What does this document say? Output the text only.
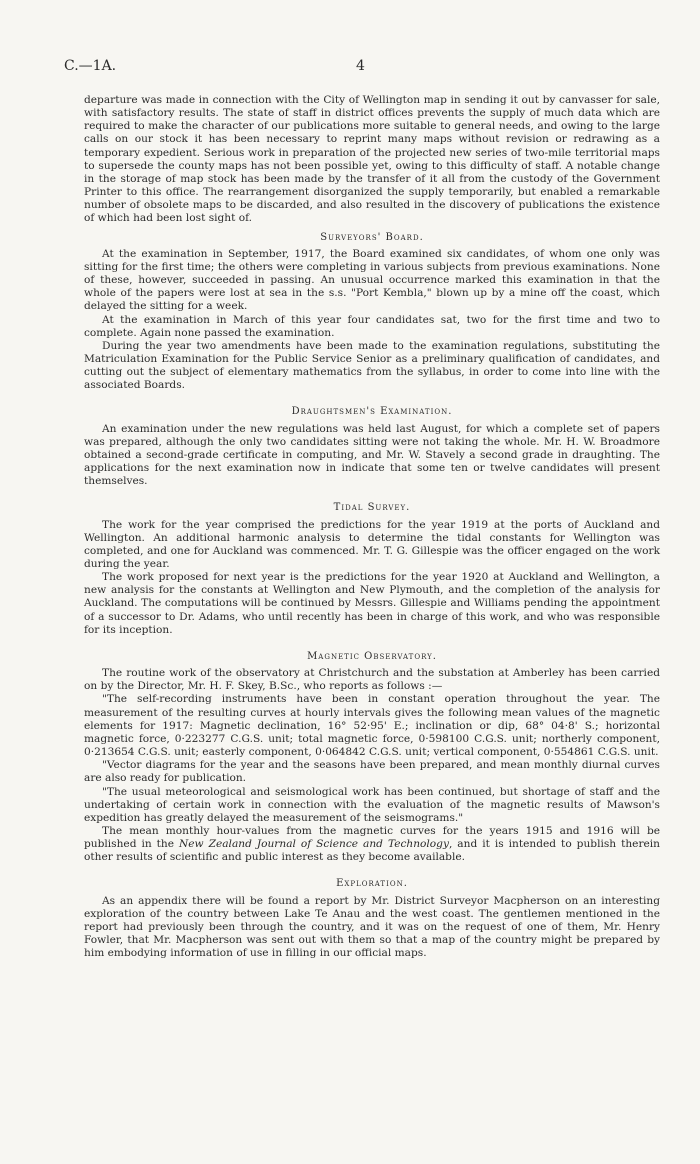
C.—1A.	4

departure was made in connection with the City of Wellington map in sending it out by canvasser for sale, with satisfactory results. The state of staff in district offices prevents the supply of much data which are required to make the character of our publications more suitable to general needs, and owing to the large calls on our stock it has been necessary to reprint many maps without revision or redrawing as a temporary expedient. Serious work in preparation of the projected new series of two-mile territorial maps to supersede the county maps has not been possible yet, owing to this difficulty of staff. A notable change in the storage of map stock has been made by the transfer of it all from the custody of the Government Printer to this office. The rearrangement disorganized the supply temporarily, but enabled a remarkable number of obsolete maps to be discarded, and also resulted in the discovery of publications the existence of which had been lost sight of.

Surveyors' Board.

At the examination in September, 1917, the Board examined six candidates, of whom one only was sitting for the first time; the others were completing in various subjects from previous examinations. None of these, however, succeeded in passing. An unusual occurrence marked this examination in that the whole of the papers were lost at sea in the s.s. "Port Kembla," blown up by a mine off the coast, which delayed the sitting for a week.

At the examination in March of this year four candidates sat, two for the first time and two to complete. Again none passed the examination.

During the year two amendments have been made to the examination regulations, substituting the Matriculation Examination for the Public Service Senior as a preliminary qualification of candidates, and cutting out the subject of elementary mathematics from the syllabus, in order to come into line with the associated Boards.

Draughtsmen's Examination.

An examination under the new regulations was held last August, for which a complete set of papers was prepared, although the only two candidates sitting were not taking the whole. Mr. H. W. Broadmore obtained a second-grade certificate in computing, and Mr. W. Stavely a second grade in draughting. The applications for the next examination now in indicate that some ten or twelve candidates will present themselves.

Tidal Survey.

The work for the year comprised the predictions for the year 1919 at the ports of Auckland and Wellington. An additional harmonic analysis to determine the tidal constants for Wellington was completed, and one for Auckland was commenced. Mr. T. G. Gillespie was the officer engaged on the work during the year.

The work proposed for next year is the predictions for the year 1920 at Auckland and Wellington, a new analysis for the constants at Wellington and New Plymouth, and the completion of the analysis for Auckland. The computations will be continued by Messrs. Gillespie and Williams pending the appointment of a successor to Dr. Adams, who until recently has been in charge of this work, and who was responsible for its inception.

Magnetic Observatory.

The routine work of the observatory at Christchurch and the substation at Amberley has been carried on by the Director, Mr. H. F. Skey, B.Sc., who reports as follows :—

"The self-recording instruments have been in constant operation throughout the year. The measurement of the resulting curves at hourly intervals gives the following mean values of the magnetic elements for 1917: Magnetic declination, 16° 52·95' E.; inclination or dip, 68° 04·8' S.; horizontal magnetic force, 0·223277 C.G.S. unit; total magnetic force, 0·598100 C.G.S. unit; northerly component, 0·213654 C.G.S. unit; easterly component, 0·064842 C.G.S. unit; vertical component, 0·554861 C.G.S. unit.

"Vector diagrams for the year and the seasons have been prepared, and mean monthly diurnal curves are also ready for publication.

"The usual meteorological and seismological work has been continued, but shortage of staff and the undertaking of certain work in connection with the evaluation of the magnetic results of Mawson's expedition has greatly delayed the measurement of the seismograms."

The mean monthly hour-values from the magnetic curves for the years 1915 and 1916 will be published in the New Zealand Journal of Science and Technology, and it is intended to publish therein other results of scientific and public interest as they become available.

Exploration.

As an appendix there will be found a report by Mr. District Surveyor Macpherson on an interesting exploration of the country between Lake Te Anau and the west coast. The gentlemen mentioned in the report had previously been through the country, and it was on the request of one of them, Mr. Henry Fowler, that Mr. Macpherson was sent out with them so that a map of the country might be prepared by him embodying information of use in filling in our official maps.
